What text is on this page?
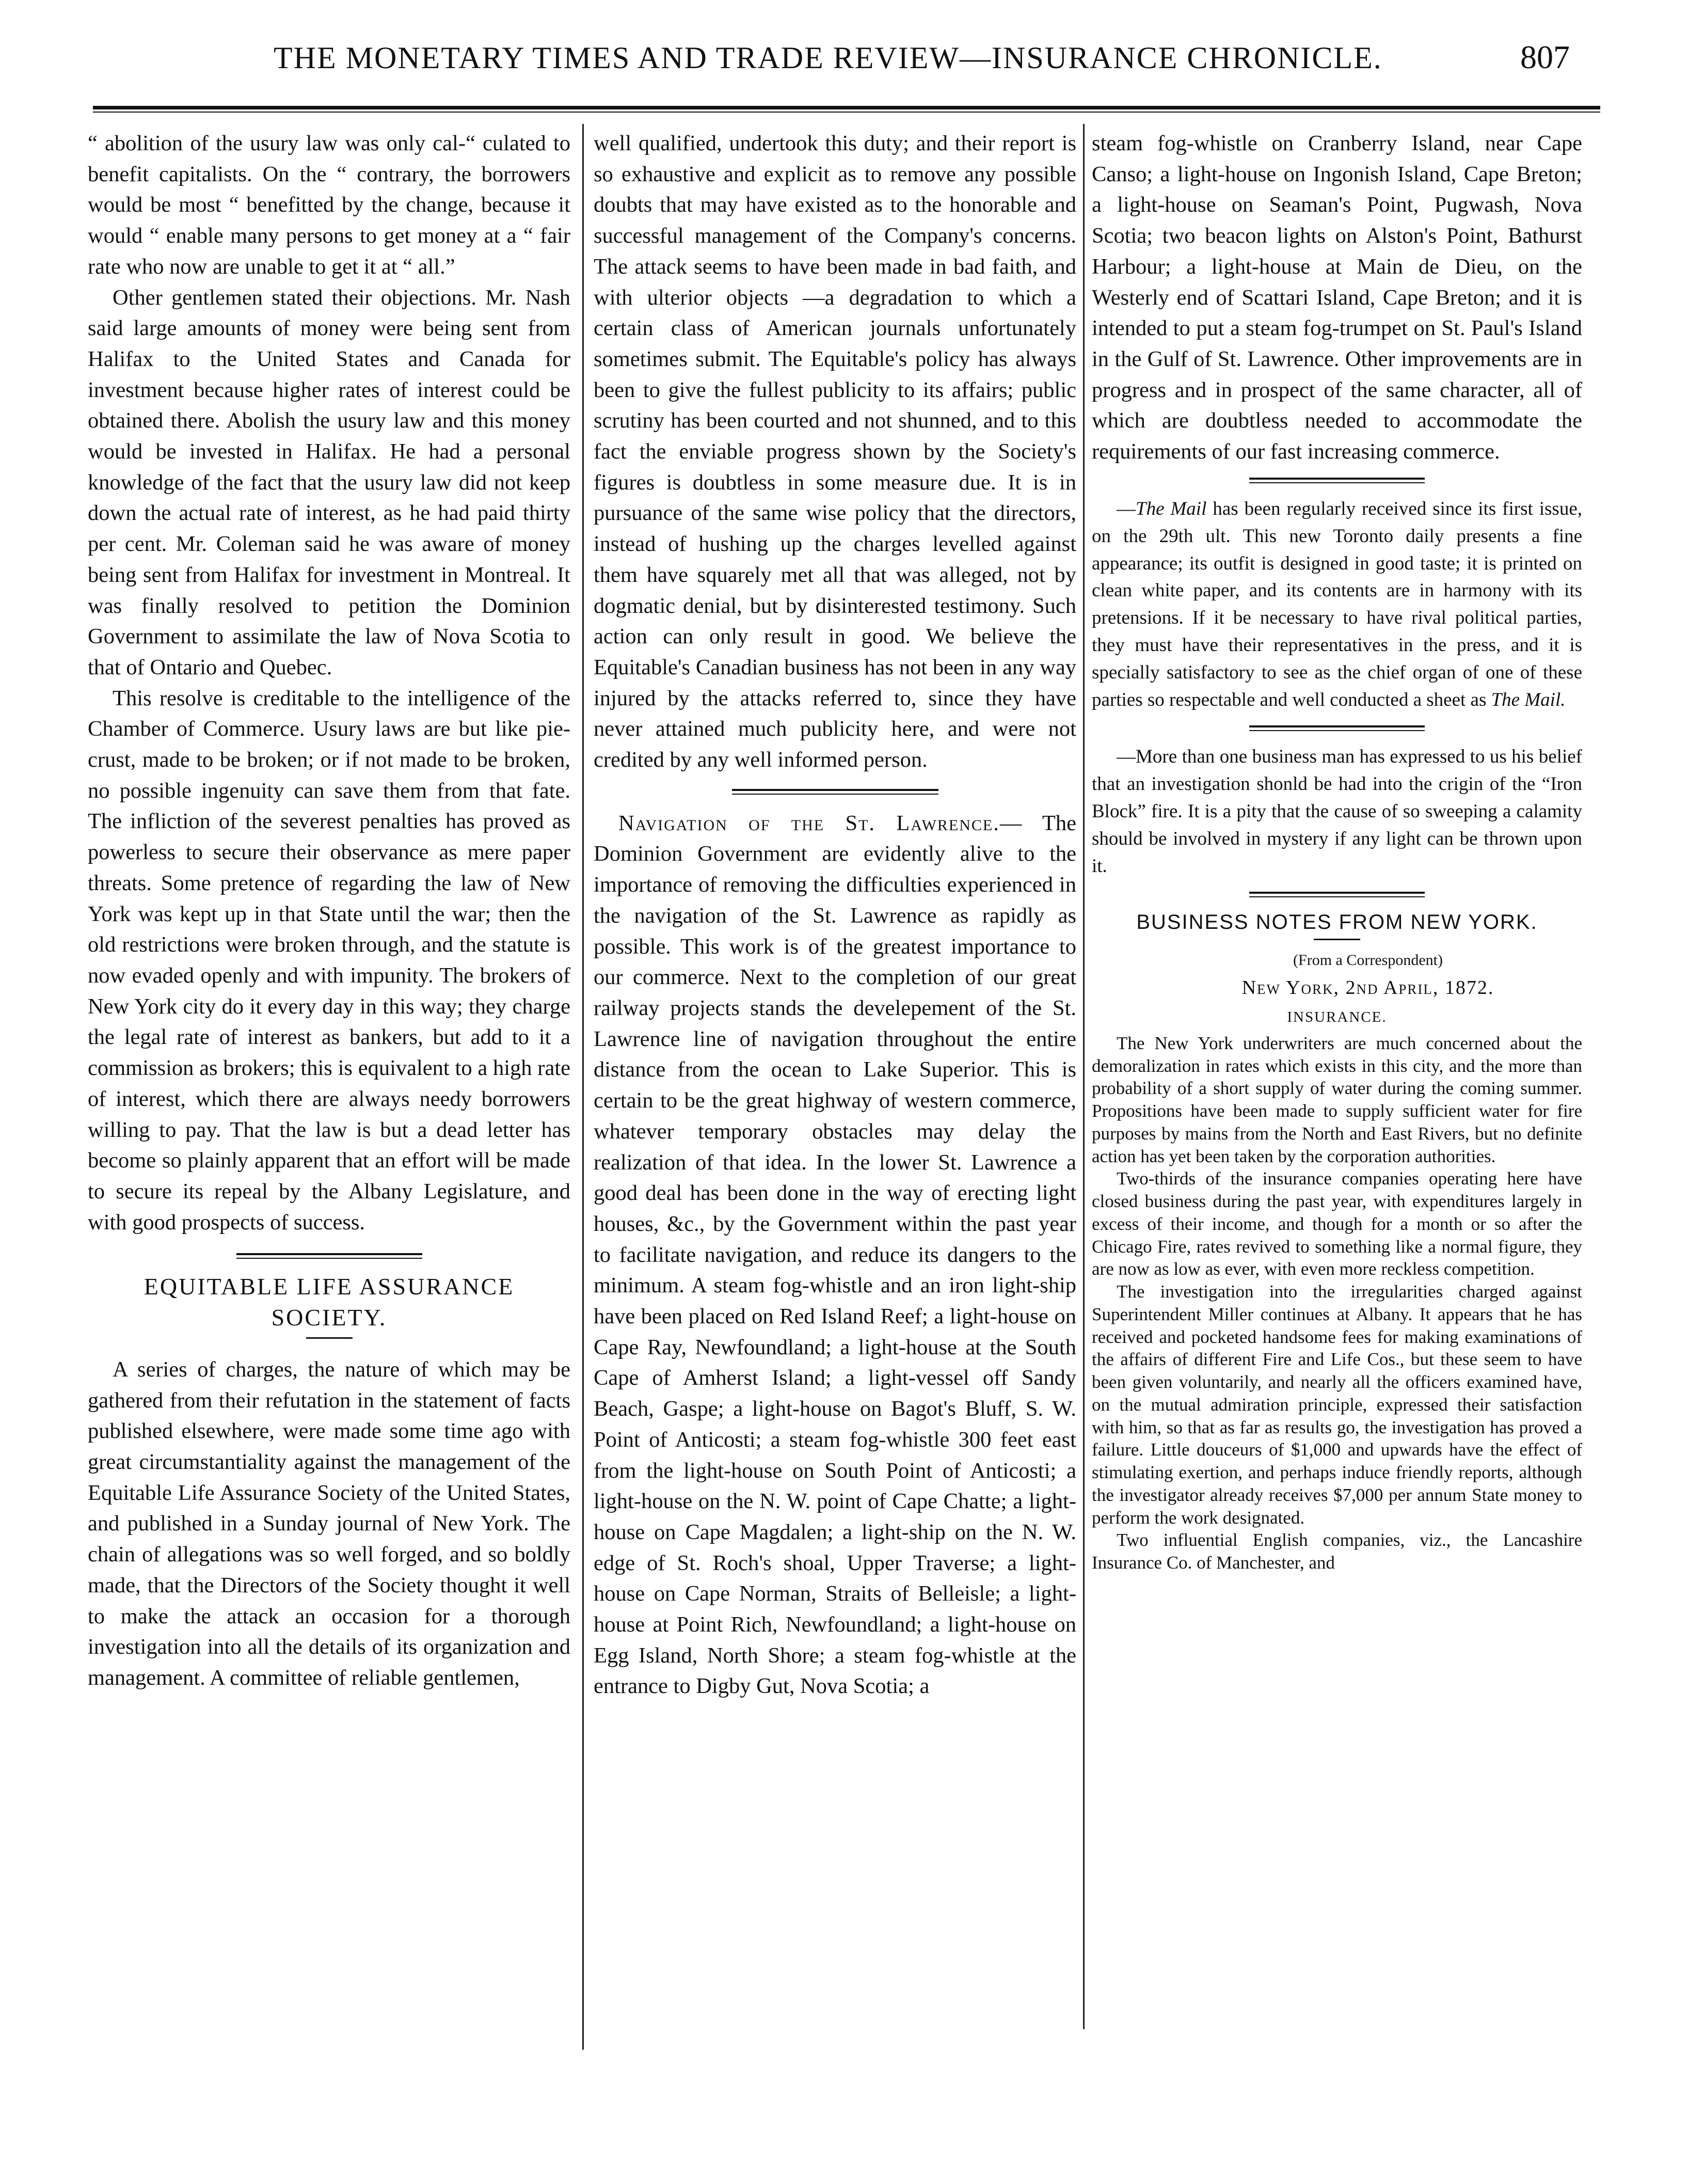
THE MONETARY TIMES AND TRADE REVIEW—INSURANCE CHRONICLE.	807

“ abolition of the usury law was only cal-“ culated to benefit capitalists. On the “ contrary, the borrowers would be most “ benefitted by the change, because it would “ enable many persons to get money at a “ fair rate who now are unable to get it at “ all.”

Other gentlemen stated their objections. Mr. Nash said large amounts of money were being sent from Halifax to the United States and Canada for investment because higher rates of interest could be obtained there. Abolish the usury law and this money would be invested in Halifax. He had a personal knowledge of the fact that the usury law did not keep down the actual rate of interest, as he had paid thirty per cent. Mr. Coleman said he was aware of money being sent from Halifax for investment in Montreal. It was finally resolved to petition the Dominion Government to assimilate the law of Nova Scotia to that of Ontario and Quebec.

This resolve is creditable to the intelligence of the Chamber of Commerce. Usury laws are but like pie-crust, made to be broken; or if not made to be broken, no possible ingenuity can save them from that fate. The infliction of the severest penalties has proved as powerless to secure their observance as mere paper threats. Some pretence of regarding the law of New York was kept up in that State until the war; then the old restrictions were broken through, and the statute is now evaded openly and with impunity. The brokers of New York city do it every day in this way; they charge the legal rate of interest as bankers, but add to it a commission as brokers; this is equivalent to a high rate of interest, which there are always needy borrowers willing to pay. That the law is but a dead letter has become so plainly apparent that an effort will be made to secure its repeal by the Albany Legislature, and with good prospects of success.

EQUITABLE LIFE ASSURANCE
SOCIETY.

A series of charges, the nature of which may be gathered from their refutation in the statement of facts published elsewhere, were made some time ago with great circumstantiality against the management of the Equitable Life Assurance Society of the United States, and published in a Sunday journal of New York. The chain of allegations was so well forged, and so boldly made, that the Directors of the Society thought it well to make the attack an occasion for a thorough investigation into all the details of its organization and management. A committee of reliable gentlemen,

well qualified, undertook this duty; and their report is so exhaustive and explicit as to remove any possible doubts that may have existed as to the honorable and successful management of the Company's concerns. The attack seems to have been made in bad faith, and with ulterior objects —a degradation to which a certain class of American journals unfortunately sometimes submit. The Equitable's policy has always been to give the fullest publicity to its affairs; public scrutiny has been courted and not shunned, and to this fact the enviable progress shown by the Society's figures is doubtless in some measure due. It is in pursuance of the same wise policy that the directors, instead of hushing up the charges levelled against them have squarely met all that was alleged, not by dogmatic denial, but by disinterested testimony. Such action can only result in good. We believe the Equitable's Canadian business has not been in any way injured by the attacks referred to, since they have never attained much publicity here, and were not credited by any well informed person.

Navigation of the St. Lawrence.— The Dominion Government are evidently alive to the importance of removing the difficulties experienced in the navigation of the St. Lawrence as rapidly as possible. This work is of the greatest importance to our commerce. Next to the completion of our great railway projects stands the develepement of the St. Lawrence line of navigation throughout the entire distance from the ocean to Lake Superior. This is certain to be the great highway of western commerce, whatever temporary obstacles may delay the realization of that idea. In the lower St. Lawrence a good deal has been done in the way of erecting light houses, &c., by the Government within the past year to facilitate navigation, and reduce its dangers to the minimum. A steam fog-whistle and an iron light-ship have been placed on Red Island Reef; a light-house on Cape Ray, Newfoundland; a light-house at the South Cape of Amherst Island; a light-vessel off Sandy Beach, Gaspe; a light-house on Bagot's Bluff, S. W. Point of Anticosti; a steam fog-whistle 300 feet east from the light-house on South Point of Anticosti; a light-house on the N. W. point of Cape Chatte; a light-house on Cape Magdalen; a light-ship on the N. W. edge of St. Roch's shoal, Upper Traverse; a light-house on Cape Norman, Straits of Belleisle; a light-house at Point Rich, Newfoundland; a light-house on Egg Island, North Shore; a steam fog-whistle at the entrance to Digby Gut, Nova Scotia; a

steam fog-whistle on Cranberry Island, near Cape Canso; a light-house on Ingonish Island, Cape Breton; a light-house on Seaman's Point, Pugwash, Nova Scotia; two beacon lights on Alston's Point, Bathurst Harbour; a light-house at Main de Dieu, on the Westerly end of Scattari Island, Cape Breton; and it is intended to put a steam fog-trumpet on St. Paul's Island in the Gulf of St. Lawrence. Other improvements are in progress and in prospect of the same character, all of which are doubtless needed to accommodate the requirements of our fast increasing commerce.

—The Mail has been regularly received since its first issue, on the 29th ult. This new Toronto daily presents a fine appearance; its outfit is designed in good taste; it is printed on clean white paper, and its contents are in harmony with its pretensions. If it be necessary to have rival political parties, they must have their representatives in the press, and it is specially satisfactory to see as the chief organ of one of these parties so respectable and well conducted a sheet as The Mail.

—More than one business man has expressed to us his belief that an investigation shonld be had into the crigin of the “Iron Block” fire. It is a pity that the cause of so sweeping a calamity should be involved in mystery if any light can be thrown upon it.

BUSINESS NOTES FROM NEW YORK.
(From a Correspondent)
New York, 2nd April, 1872.
INSURANCE.

The New York underwriters are much concerned about the demoralization in rates which exists in this city, and the more than probability of a short supply of water during the coming summer. Propositions have been made to supply sufficient water for fire purposes by mains from the North and East Rivers, but no definite action has yet been taken by the corporation authorities.

Two-thirds of the insurance companies operating here have closed business during the past year, with expenditures largely in excess of their income, and though for a month or so after the Chicago Fire, rates revived to something like a normal figure, they are now as low as ever, with even more reckless competition.

The investigation into the irregularities charged against Superintendent Miller continues at Albany. It appears that he has received and pocketed handsome fees for making examinations of the affairs of different Fire and Life Cos., but these seem to have been given voluntarily, and nearly all the officers examined have, on the mutual admiration principle, expressed their satisfaction with him, so that as far as results go, the investigation has proved a failure. Little douceurs of $1,000 and upwards have the effect of stimulating exertion, and perhaps induce friendly reports, although the investigator already receives $7,000 per annum State money to perform the work designated.

Two influential English companies, viz., the Lancashire Insurance Co. of Manchester, and
